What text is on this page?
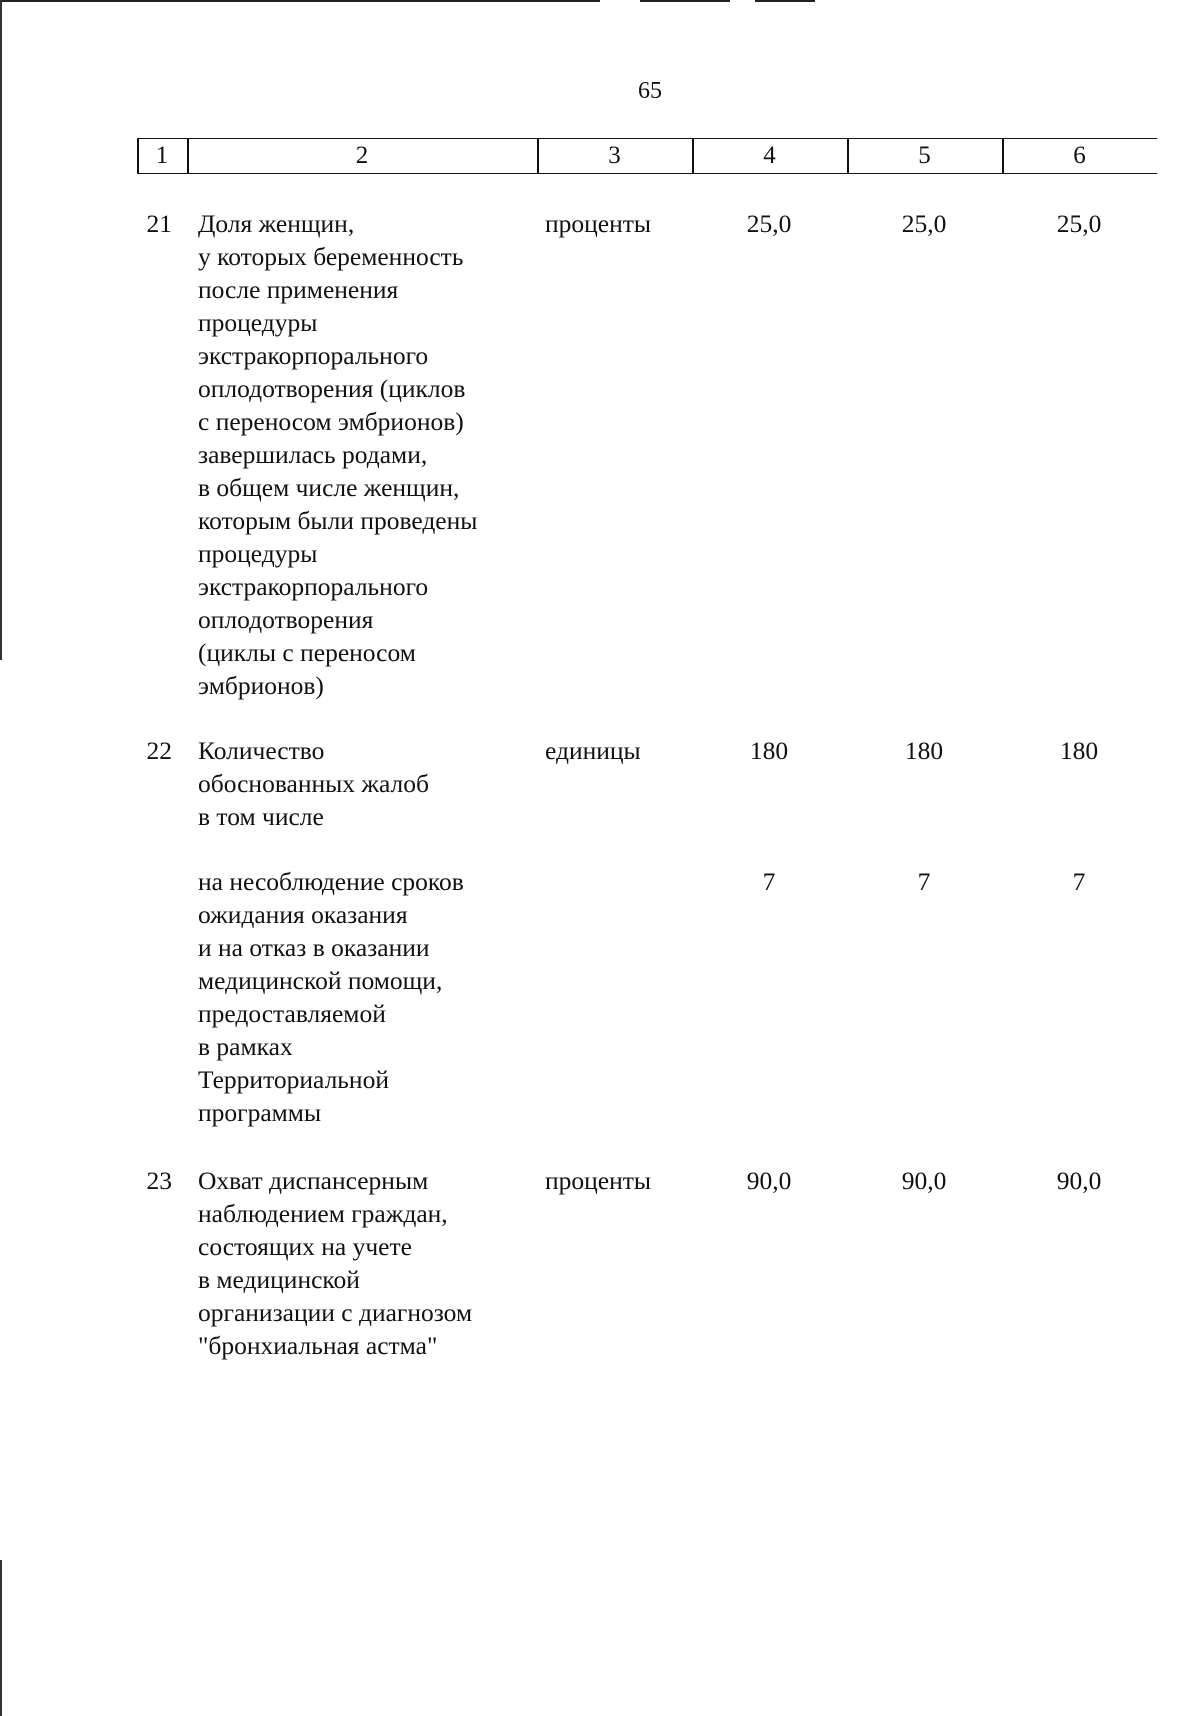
65
1	2	3	4	5	6
21 Доля женщин,
у которых беременность
после применения
процедуры
экстракорпорального
оплодотворения (циклов
с переносом эмбрионов)
завершилась родами,
в общем числе женщин,
которым были проведены
процедуры
экстракорпорального
оплодотворения
(циклы с переносом
эмбрионов)
проценты	25,0	25,0	25,0
22 Количество
обоснованных жалоб
в том числе
единицы	180	180	180
на несоблюдение сроков
ожидания оказания
и на отказ в оказании
медицинской помощи,
предоставляемой
в рамках
Территориальной
программы
7	7	7
23 Охват диспансерным
наблюдением граждан,
состоящих на учете
в медицинской
организации с диагнозом
"бронхиальная астма"
проценты	90,0	90,0	90,0
